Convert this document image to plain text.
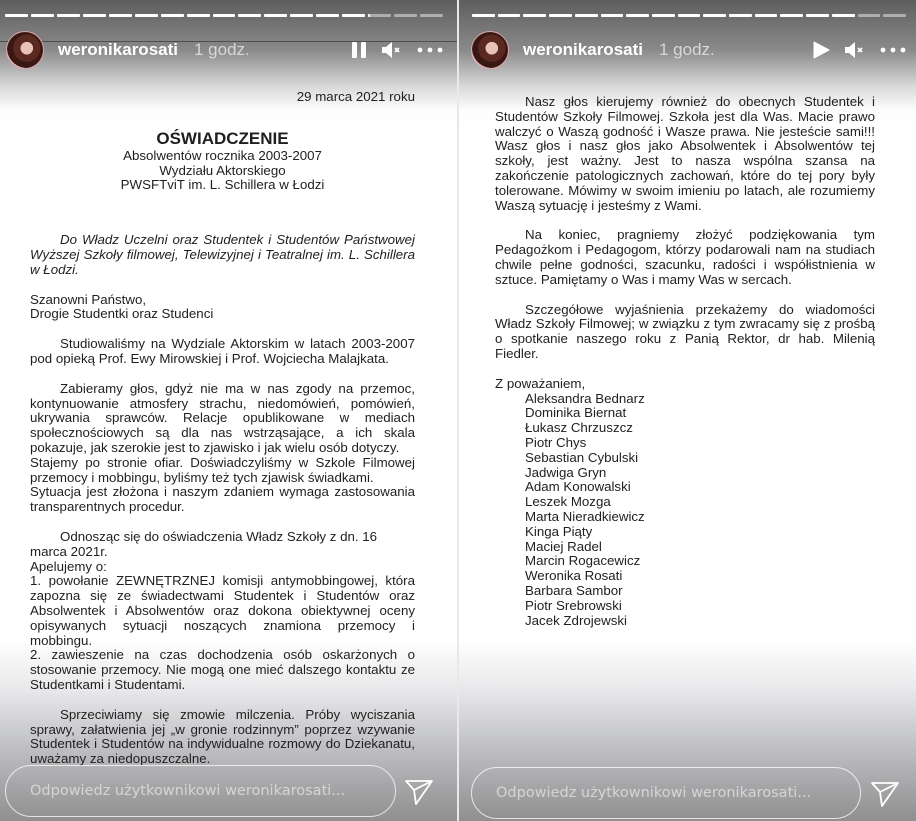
weronikarosati 1 godz.
29 marca 2021 roku
OŚWIADCZENIE
Absolwentów rocznika 2003-2007
Wydziału Aktorskiego
PWSFTviT im. L. Schillera w Łodzi
Do Władz Uczelni oraz Studentek i Studentów Państwowej Wyższej Szkoły filmowej, Telewizyjnej i Teatralnej im. L. Schillera w Łodzi.
Szanowni Państwo,
Drogie Studentki oraz Studenci
Studiowaliśmy na Wydziale Aktorskim w latach 2003-2007 pod opieką Prof. Ewy Mirowskiej i Prof. Wojciecha Malajkata.
Zabieramy głos, gdyż nie ma w nas zgody na przemoc, kontynuowanie atmosfery strachu, niedomówień, pomówień, ukrywania sprawców. Relacje opublikowane w mediach społecznościowych są dla nas wstrząsające, a ich skala pokazuje, jak szerokie jest to zjawisko i jak wielu osób dotyczy.
Stajemy po stronie ofiar. Doświadczyliśmy w Szkole Filmowej przemocy i mobbingu, byliśmy też tych zjawisk świadkami.
Sytuacja jest złożona i naszym zdaniem wymaga zastosowania transparentnych procedur.
Odnosząc się do oświadczenia Władz Szkoły z dn. 16 marca 2021r.
Apelujemy o:
1. powołanie ZEWNĘTRZNEJ komisji antymobbingowej, która zapozna się ze świadectwami Studentek i Studentów oraz Absolwentek i Absolwentów oraz dokona obiektywnej oceny opisywanych sytuacji noszących znamiona przemocy i mobbingu.
2. zawieszenie na czas dochodzenia osób oskarżonych o stosowanie przemocy. Nie mogą one mieć dalszego kontaktu ze Studentkami i Studentami.
Sprzeciwiamy się zmowie milczenia. Próby wyciszania sprawy, załatwienia jej „w gronie rodzinnym” poprzez wzywanie Studentek i Studentów na indywidualne rozmowy do Dziekanatu, uważamy za niedopuszczalne.
Odpowiedz użytkownikowi weronikarosati...
weronikarosati 1 godz.
Nasz głos kierujemy również do obecnych Studentek i Studentów Szkoły Filmowej. Szkoła jest dla Was. Macie prawo walczyć o Waszą godność i Wasze prawa. Nie jesteście sami!!! Wasz głos i nasz głos jako Absolwentek i Absolwentów tej szkoły, jest ważny. Jest to nasza wspólna szansa na zakończenie patologicznych zachowań, które do tej pory były tolerowane. Mówimy w swoim imieniu po latach, ale rozumiemy Waszą sytuację i jesteśmy z Wami.
Na koniec, pragniemy złożyć podziękowania tym Pedagożkom i Pedagogom, którzy podarowali nam na studiach chwile pełne godności, szacunku, radości i współistnienia w sztuce. Pamiętamy o Was i mamy Was w sercach.
Szczegółowe wyjaśnienia przekażemy do wiadomości Władz Szkoły Filmowej; w związku z tym zwracamy się z prośbą o spotkanie naszego roku z Panią Rektor, dr hab. Milenią Fiedler.
Z poważaniem,
Aleksandra Bednarz
Dominika Biernat
Łukasz Chrzuszcz
Piotr Chys
Sebastian Cybulski
Jadwiga Gryn
Adam Konowalski
Leszek Mozga
Marta Nieradkiewicz
Kinga Piąty
Maciej Radel
Marcin Rogacewicz
Weronika Rosati
Barbara Sambor
Piotr Srebrowski
Jacek Zdrojewski
Odpowiedz użytkownikowi weronikarosati...
